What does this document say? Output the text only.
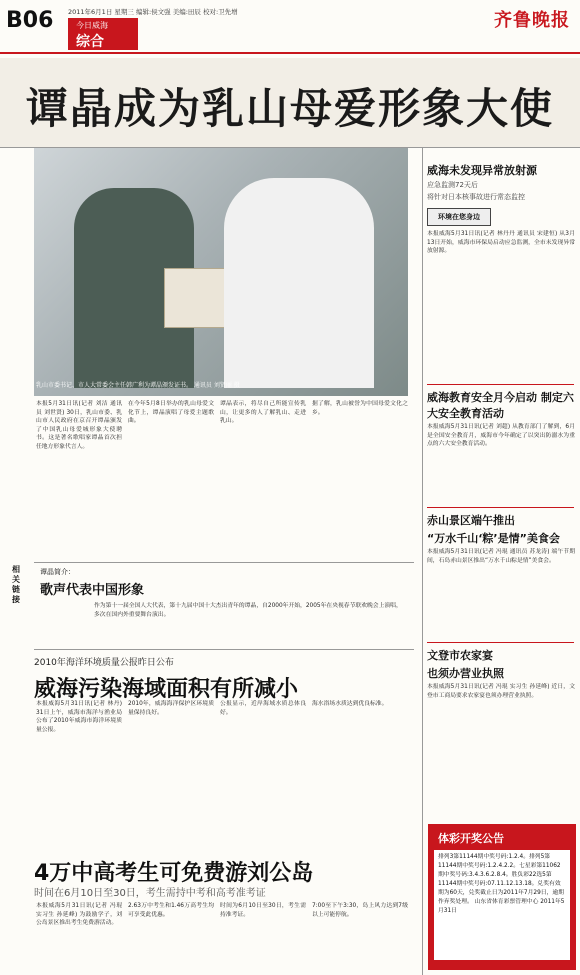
B06 2011年6月1日 星期三 编辑:侯文强 美编:田辰 校对:卫先增
今日威海
综合
齐鲁晚报
谭晶成为乳山母爱形象大使
乳山市委书记、市人大常委会主任韩广利为谭晶颁发证书。 通讯员 刘贤丽 摄
本报5月31日讯(记者 刘洁 通讯员 刘世贤) 30日，乳山市委、乳山市人民政府在京召开谭晶颁发了中国乳山母爱城形象大使聘书。这是著名歌唱家谭晶首次担任地方形象代言人。
在今年5月8日举办的乳山母爱文化节上，谭晶演唱了母爱主题歌曲。
谭晶表示，将尽自己所能宣传乳山，让更多的人了解乳山、走进乳山。
据了解，乳山被誉为中国母爱文化之乡。
相关链接
谭晶简介：
歌声代表中国形象
作为第十一届全国人大代表，第十九届中国十大杰出青年的谭晶，自2000年开始，2005年在央视春节联欢晚会上演唱，多次在国内外重要舞台演出。
2010年海洋环境质量公报昨日公布
威海污染海域面积有所减小
本报威海5月31日讯(记者 林丹) 31日上午，威海市海洋与渔业局公布了2010年威海市海洋环境质量公报。
2010年，威海海洋保护区环境质量保持良好。
公报显示，近岸海域水质总体良好。
海水浴场水质达到优良标准。
4万中高考生可免费游刘公岛
时间在6月10日至30日，考生需持中考和高考准考证
本报威海5月31日讯(记者 冯琨 实习生 孙延峰) 为鼓励学子，刘公岛景区推出考生免费游活动。
2.63万中考生和1.46万高考生均可享受此优惠。
时间为6月10日至30日，考生需持准考证。
7:00至下午3:30，岛上风力达到7级以上可能停航。
威海未发现异常放射源
应急监测72天后
将针对日本核事故进行常态监控
环境在您身边
本报威海5月31日讯(记者 林丹丹 通讯员 宋建恒) 从3月13日开始，威海市环保局启动应急监测，全市未发现异常放射源。
威海教育安全月今启动 制定六大安全教育活动
本报威海5月31日讯(记者 刘超) 从教育部门了解到，6月是全国安全教育月，威海市今年确定了以突出防溺水为重点的六大安全教育活动。
赤山景区端午推出
“万水千山‘粽’是情”美食会
本报威海5月31日讯(记者 冯琨 通讯员 苏龙涛) 端午节期间，石岛赤山景区推出“万水千山粽是情”美食会。
文登市农家宴
也须办营业执照
本报威海5月31日讯(记者 冯琨 实习生 孙延峰) 近日，文登市工商局要求农家宴也须办理营业执照。
体彩开奖公告
排列3第11144期中奖号码:1.2.4。排列5第11144期中奖号码:1.2.4.2.2。七星彩第11062期中奖号码:3.4.3.6.2.8.4。胜负彩22选5第11144期中奖号码:07.11.12.13.18。兑奖有效期为60天，兑奖截止日为2011年7月29日，逾期作弃奖处理。 山东省体育彩票管理中心 2011年5月31日
